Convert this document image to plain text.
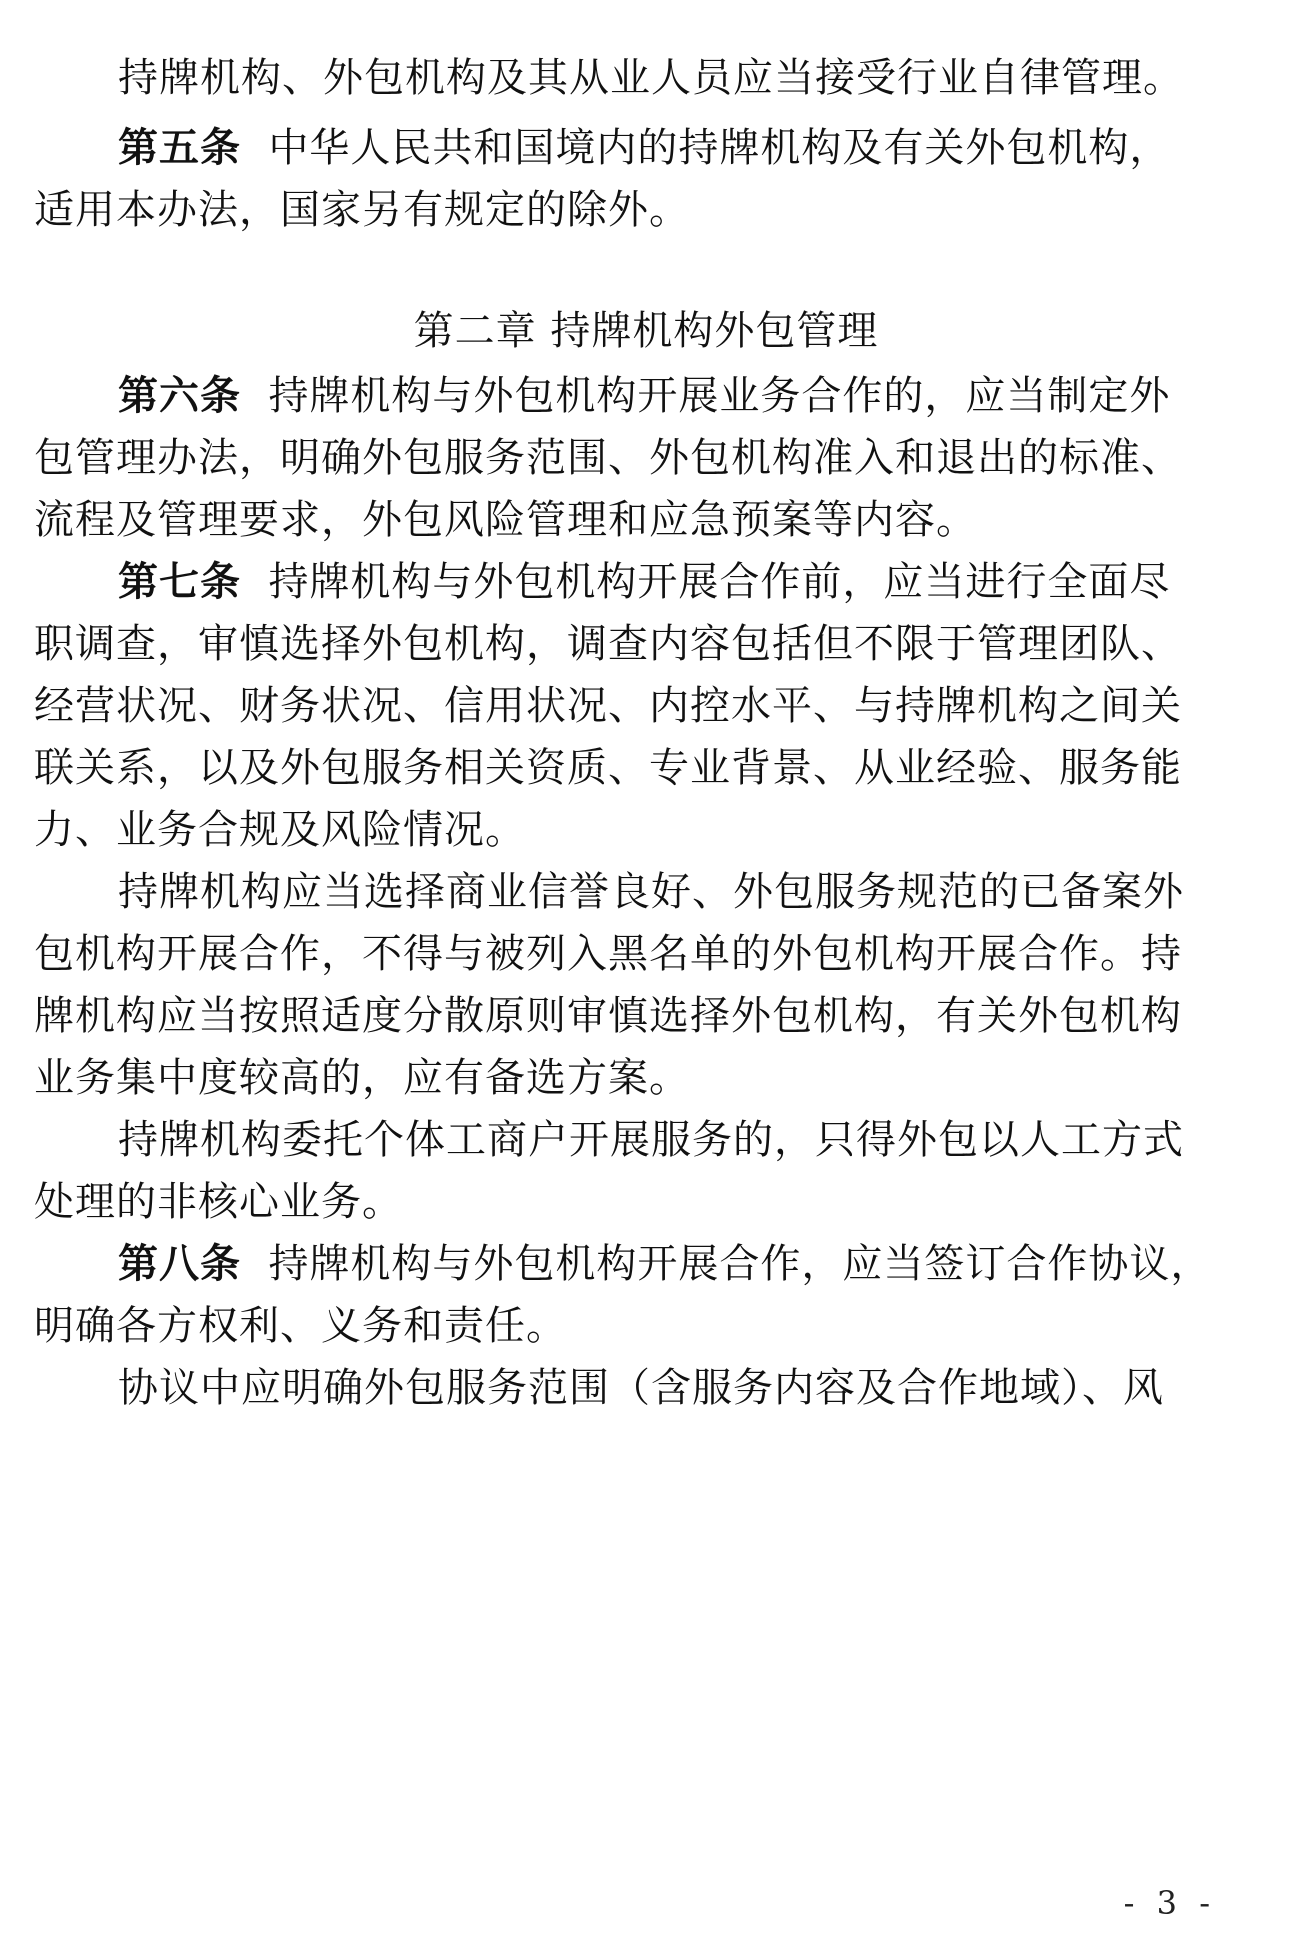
持牌机构、外包机构及其从业人员应当接受行业自律管理。
第五条 中华人民共和国境内的持牌机构及有关外包机构，
适用本办法，国家另有规定的除外。
第二章 持牌机构外包管理
第六条 持牌机构与外包机构开展业务合作的，应当制定外
包管理办法，明确外包服务范围、外包机构准入和退出的标准、
流程及管理要求，外包风险管理和应急预案等内容。
第七条 持牌机构与外包机构开展合作前，应当进行全面尽
职调查，审慎选择外包机构，调查内容包括但不限于管理团队、
经营状况、财务状况、信用状况、内控水平、与持牌机构之间关
联关系，以及外包服务相关资质、专业背景、从业经验、服务能
力、业务合规及风险情况。
持牌机构应当选择商业信誉良好、外包服务规范的已备案外
包机构开展合作，不得与被列入黑名单的外包机构开展合作。持
牌机构应当按照适度分散原则审慎选择外包机构，有关外包机构
业务集中度较高的，应有备选方案。
持牌机构委托个体工商户开展服务的，只得外包以人工方式
处理的非核心业务。
第八条 持牌机构与外包机构开展合作，应当签订合作协议，
明确各方权利、义务和责任。
协议中应明确外包服务范围（含服务内容及合作地域）、风
- 3 -
